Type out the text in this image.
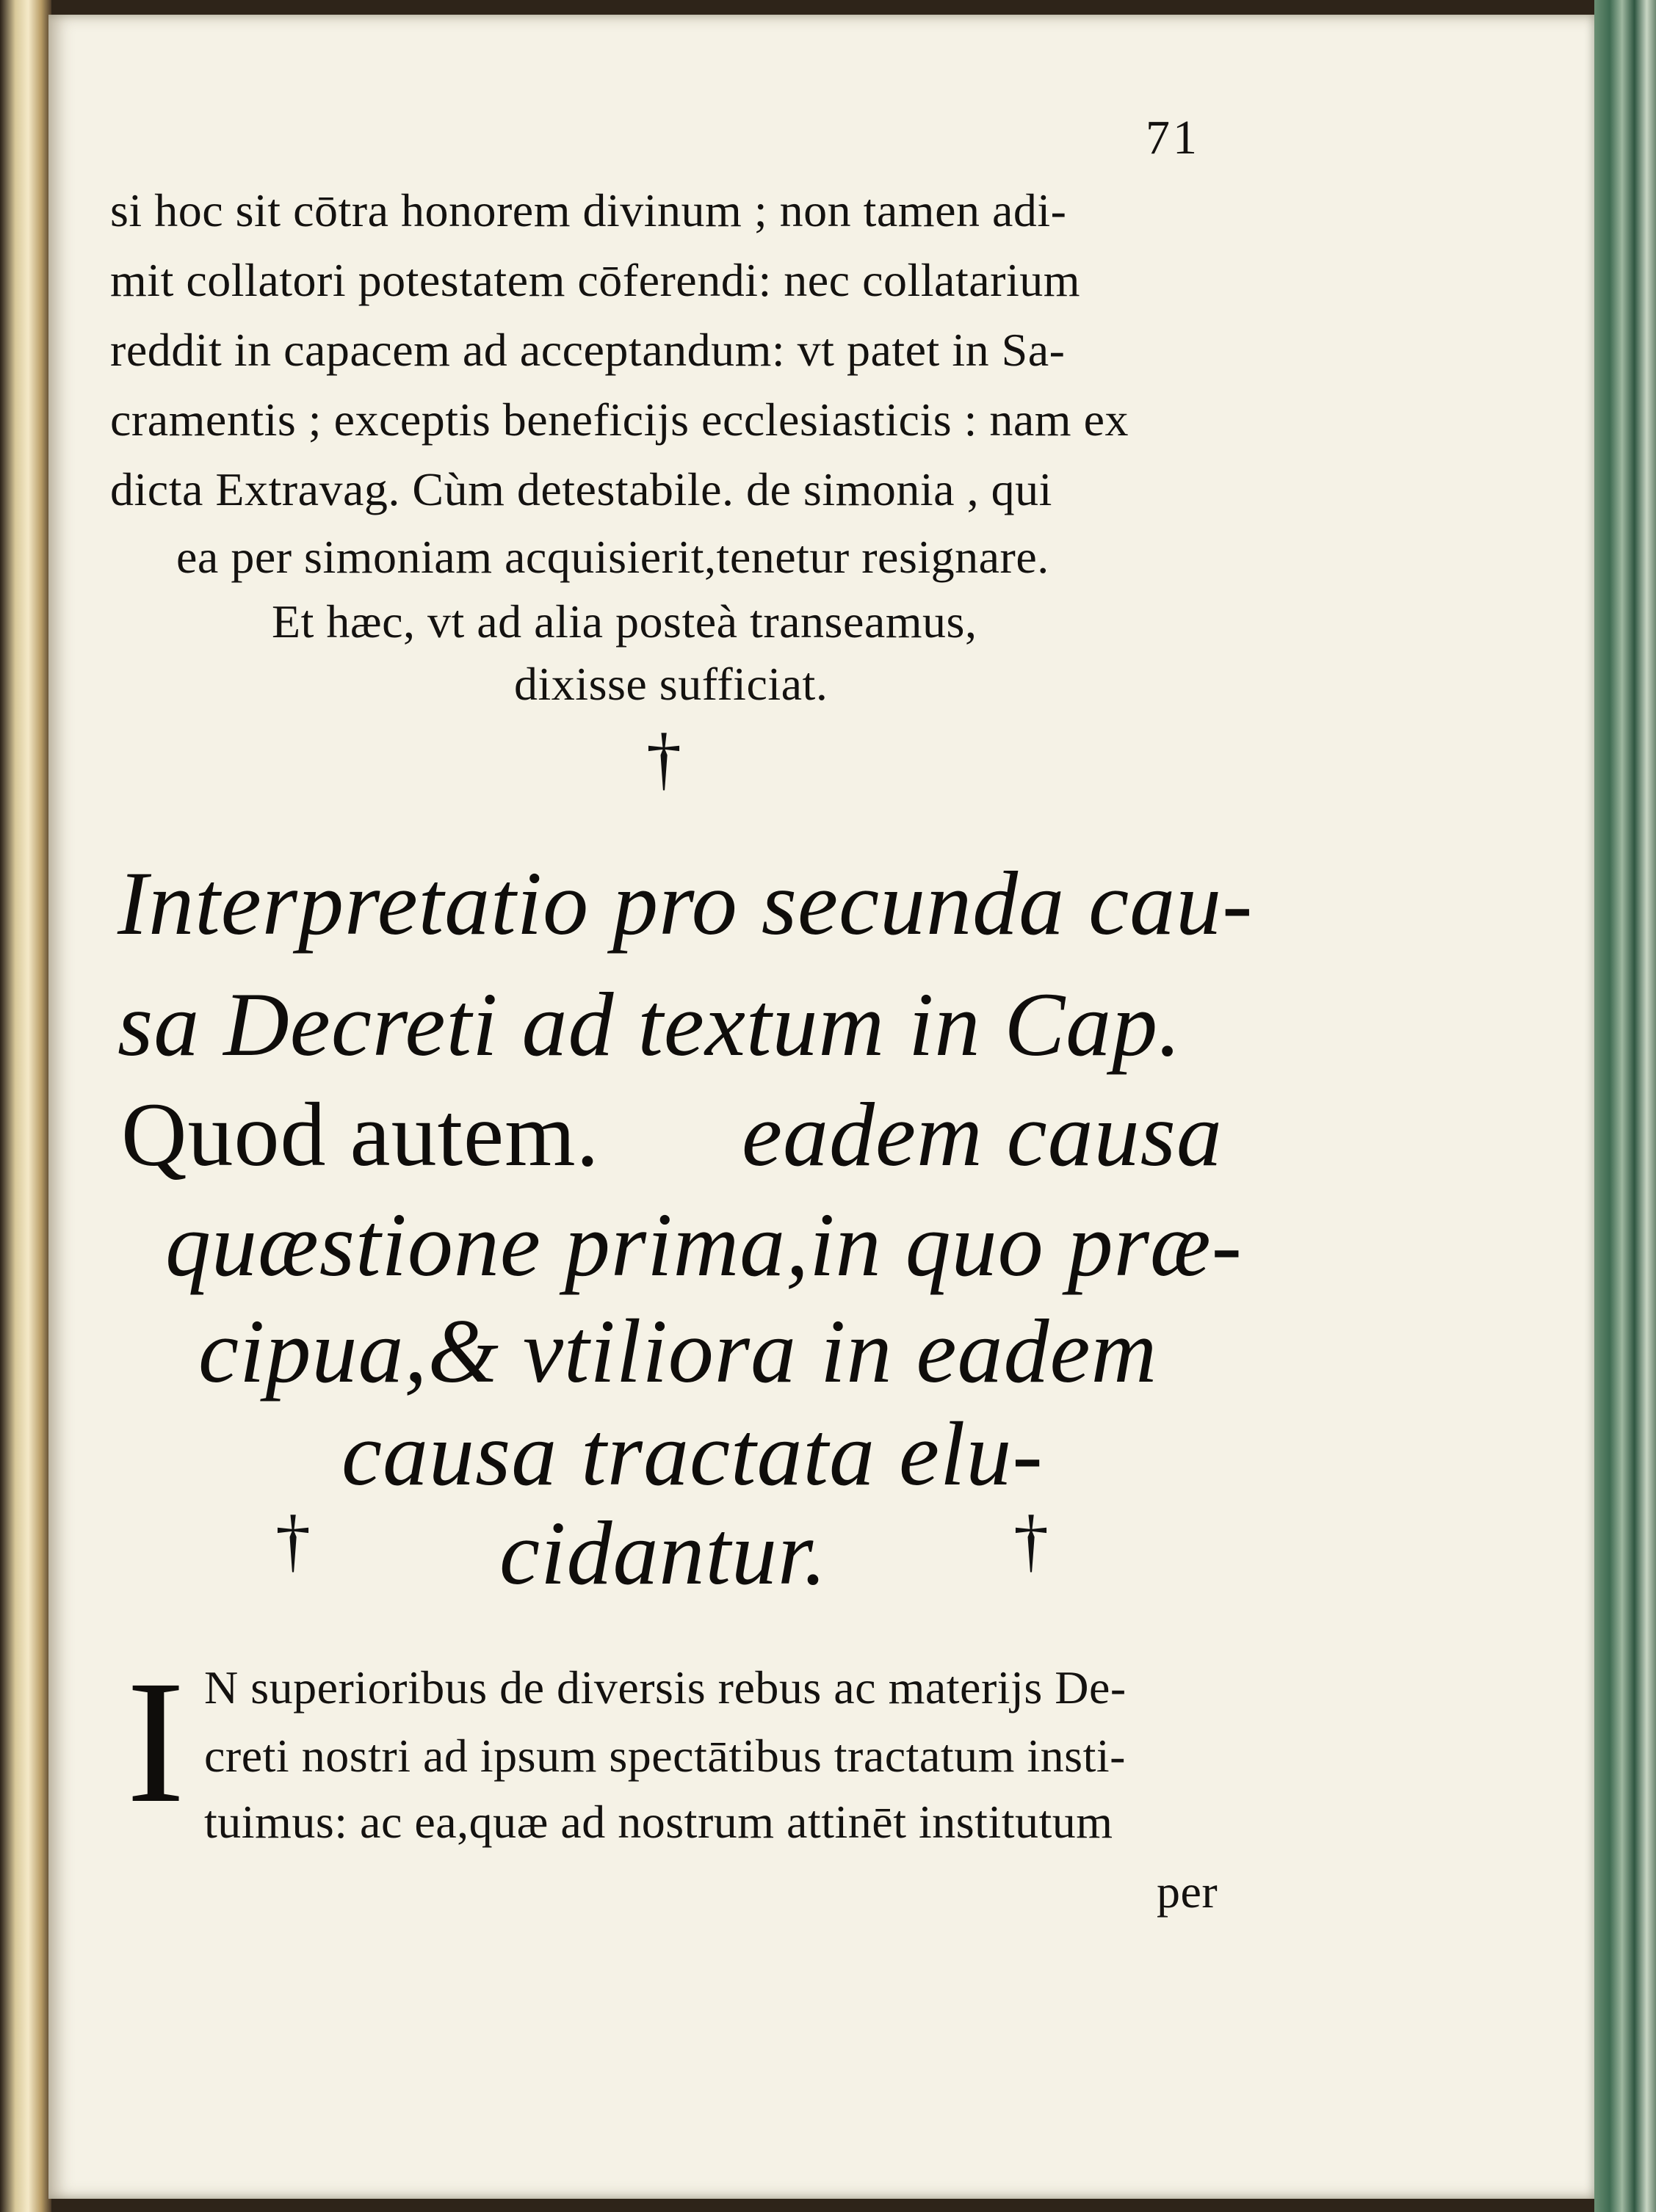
71
si hoc sit cōtra honorem divinum ; non tamen adi-
mit collatori potestatem cōferendi: nec collatarium
reddit in capacem ad acceptandum: vt patet in Sa-
cramentis ; exceptis beneficijs ecclesiasticis : nam ex
dicta Extravag. Cùm detestabile. de simonia , qui
ea per simoniam acquisierit,tenetur resignare.
Et hæc, vt ad alia posteà transeamus,
dixisse sufficiat.
†
Interpretatio pro secunda cau-
sa Decreti ad textum in Cap.
Quod autem. eadem causa
quæstione prima,in quo præ-
cipua,& vtiliora in eadem
causa tractata elu-
cidantur.
†	†
I N superioribus de diversis rebus ac materijs De-
creti nostri ad ipsum spectātibus tractatum insti-
tuimus: ac ea,quæ ad nostrum attinēt institutum
per
